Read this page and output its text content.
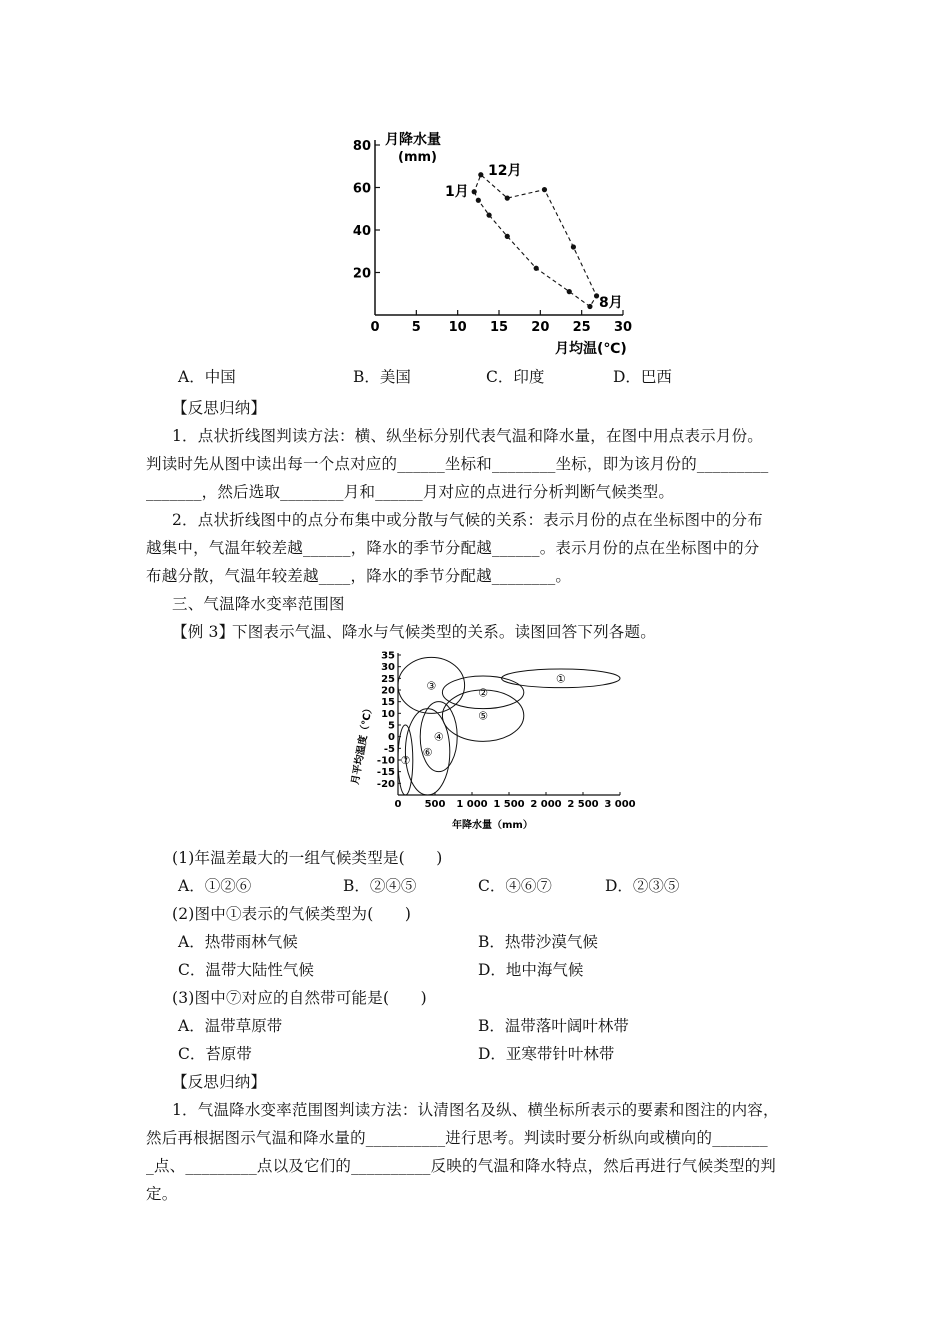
0 5 10 15 20 25 30
20
40
60
80 月降水量
(mm)
月均温(℃)
1月
12月
8月
A．中国	B．美国	C．印度	D．巴西
【反思归纳】
1．点状折线图判读方法：横、纵坐标分别代表气温和降水量，在图中用点表示月份。
判读时先从图中读出每一个点对应的______坐标和________坐标，即为该月份的_________
_______，然后选取________月和______月对应的点进行分析判断气候类型。
2．点状折线图中的点分布集中或分散与气候的关系：表示月份的点在坐标图中的分布
越集中，气温年较差越______，降水的季节分配越______。表示月份的点在坐标图中的分
布越分散，气温年较差越____，降水的季节分配越________。
三、气温降水变率范围图
【例 3】
下图表示气温、降水与气候类型的关系。读图回答下列各题。
0 500 1 000 1 500 2 000 2 500 3 000
35
30
25
20
15
10
5
0
-5
-10
-15
-20
①
②
③
④
⑤
⑥
⑦
年降水量（mm）
月平均温度（℃）
(1)年温差最大的一组气候类型是(　　)
A．①②⑥	B．②④⑤	C．④⑥⑦	D．②③⑤
(2)图中①表示的气候类型为(　　)
A．热带雨林气候	B．热带沙漠气候
C．温带大陆性气候	D．地中海气候
(3)图中⑦对应的自然带可能是(　　)
A．温带草原带	B．温带落叶阔叶林带
C．苔原带	D．亚寒带针叶林带
【反思归纳】
1．气温降水变率范围图判读方法：认清图名及纵、横坐标所表示的要素和图注的内容，
然后再根据图示气温和降水量的__________进行思考。判读时要分析纵向或横向的_______
_点、_________点以及它们的__________反映的气温和降水特点，然后再进行气候类型的判
定。
